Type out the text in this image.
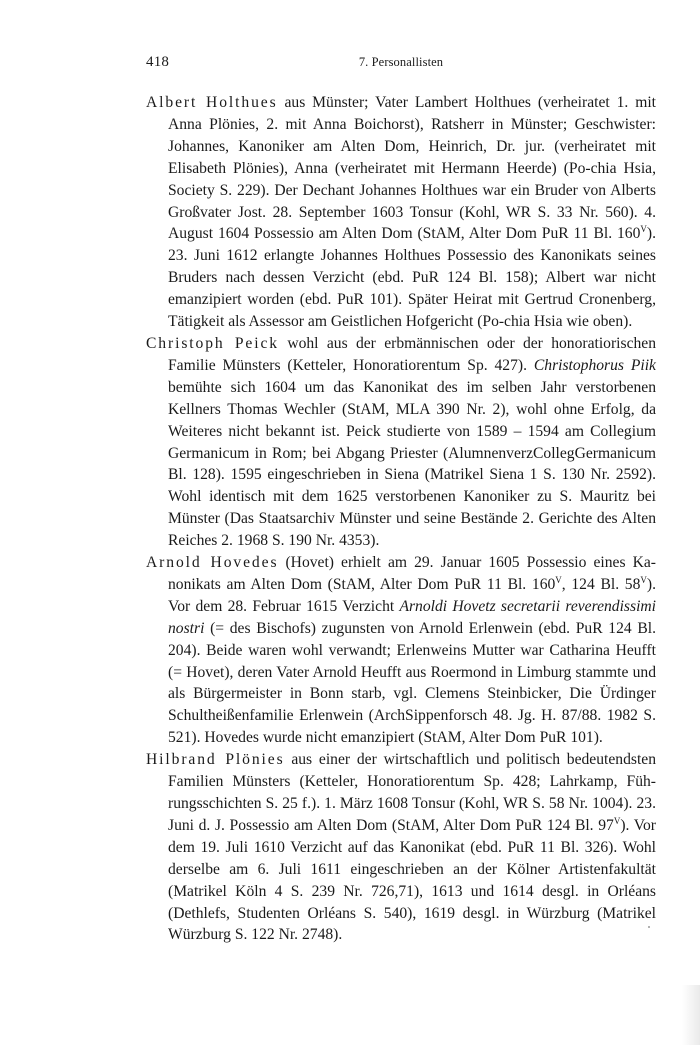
418	7. Personallisten

Albert Holthues aus Münster; Vater Lambert Holthues (verheiratet 1. mit Anna Plönies, 2. mit Anna Boichorst), Ratsherr in Münster; Geschwister: Johannes, Kanoniker am Alten Dom, Heinrich, Dr. jur. (verheiratet mit Elisabeth Plönies), Anna (verheiratet mit Hermann Heerde) (Po-chia Hsia, Society S. 229). Der Dechant Johannes Holthues war ein Bruder von Alberts Großvater Jost. 28. September 1603 Tonsur (Kohl, WR S. 33 Nr. 560). 4. August 1604 Possessio am Alten Dom (StAM, Alter Dom PuR 11 Bl. $160^V$). 23. Juni 1612 erlangte Johannes Holthues Possessio des Kanonikats seines Bruders nach dessen Verzicht (ebd. PuR 124 Bl. 158); Albert war nicht emanzipiert worden (ebd. PuR 101). Später Heirat mit Gertrud Cronenberg, Tätigkeit als Assessor am Geistlichen Hofgericht (Po-chia Hsia wie oben).

Christoph Peick wohl aus der erbmännischen oder der honoratiorischen Familie Münsters (Ketteler, Honoratiorentum Sp. 427). Christophorus Piik bemühte sich 1604 um das Kanonikat des im selben Jahr verstorbenen Kellners Thomas Wechler (StAM, MLA 390 Nr. 2), wohl ohne Erfolg, da Weiteres nicht bekannt ist. Peick studierte von 1589 – 1594 am Collegium Germanicum in Rom; bei Abgang Priester (AlumnenverzCollegGermanicum Bl. 128). 1595 eingeschrieben in Siena (Matrikel Siena 1 S. 130 Nr. 2592). Wohl identisch mit dem 1625 verstorbenen Kanoniker zu S. Mauritz bei Münster (Das Staatsarchiv Münster und seine Bestände 2. Gerichte des Alten Reiches 2. 1968 S. 190 Nr. 4353).

Arnold Hovedes (Hovet) erhielt am 29. Januar 1605 Possessio eines Kanonikats am Alten Dom (StAM, Alter Dom PuR 11 Bl. $160^V$, 124 Bl. $58^V$). Vor dem 28. Februar 1615 Verzicht Arnoldi Hovetz secretarii reverendissimi nostri (= des Bischofs) zugunsten von Arnold Erlenwein (ebd. PuR 124 Bl. 204). Beide waren wohl verwandt; Erlenweins Mutter war Catharina Heufft (= Hovet), deren Vater Arnold Heufft aus Roermond in Limburg stammte und als Bürgermeister in Bonn starb, vgl. Clemens Steinbicker, Die Ürdinger Schultheißenfamilie Erlenwein (ArchSippenforsch 48. Jg. H. 87/88. 1982 S. 521). Hovedes wurde nicht emanzipiert (StAM, Alter Dom PuR 101).

Hilbrand Plönies aus einer der wirtschaftlich und politisch bedeutendsten Familien Münsters (Ketteler, Honoratiorentum Sp. 428; Lahrkamp, Führungsschichten S. 25 f.). 1. März 1608 Tonsur (Kohl, WR S. 58 Nr. 1004). 23. Juni d. J. Possessio am Alten Dom (StAM, Alter Dom PuR 124 Bl. $97^V$). Vor dem 19. Juli 1610 Verzicht auf das Kanonikat (ebd. PuR 11 Bl. 326). Wohl derselbe am 6. Juli 1611 eingeschrieben an der Kölner Artistenfakultät (Matrikel Köln 4 S. 239 Nr. 726,71), 1613 und 1614 desgl. in Orléans (Dethlefs, Studenten Orléans S. 540), 1619 desgl. in Würzburg (Matrikel Würzburg S. 122 Nr. 2748).
